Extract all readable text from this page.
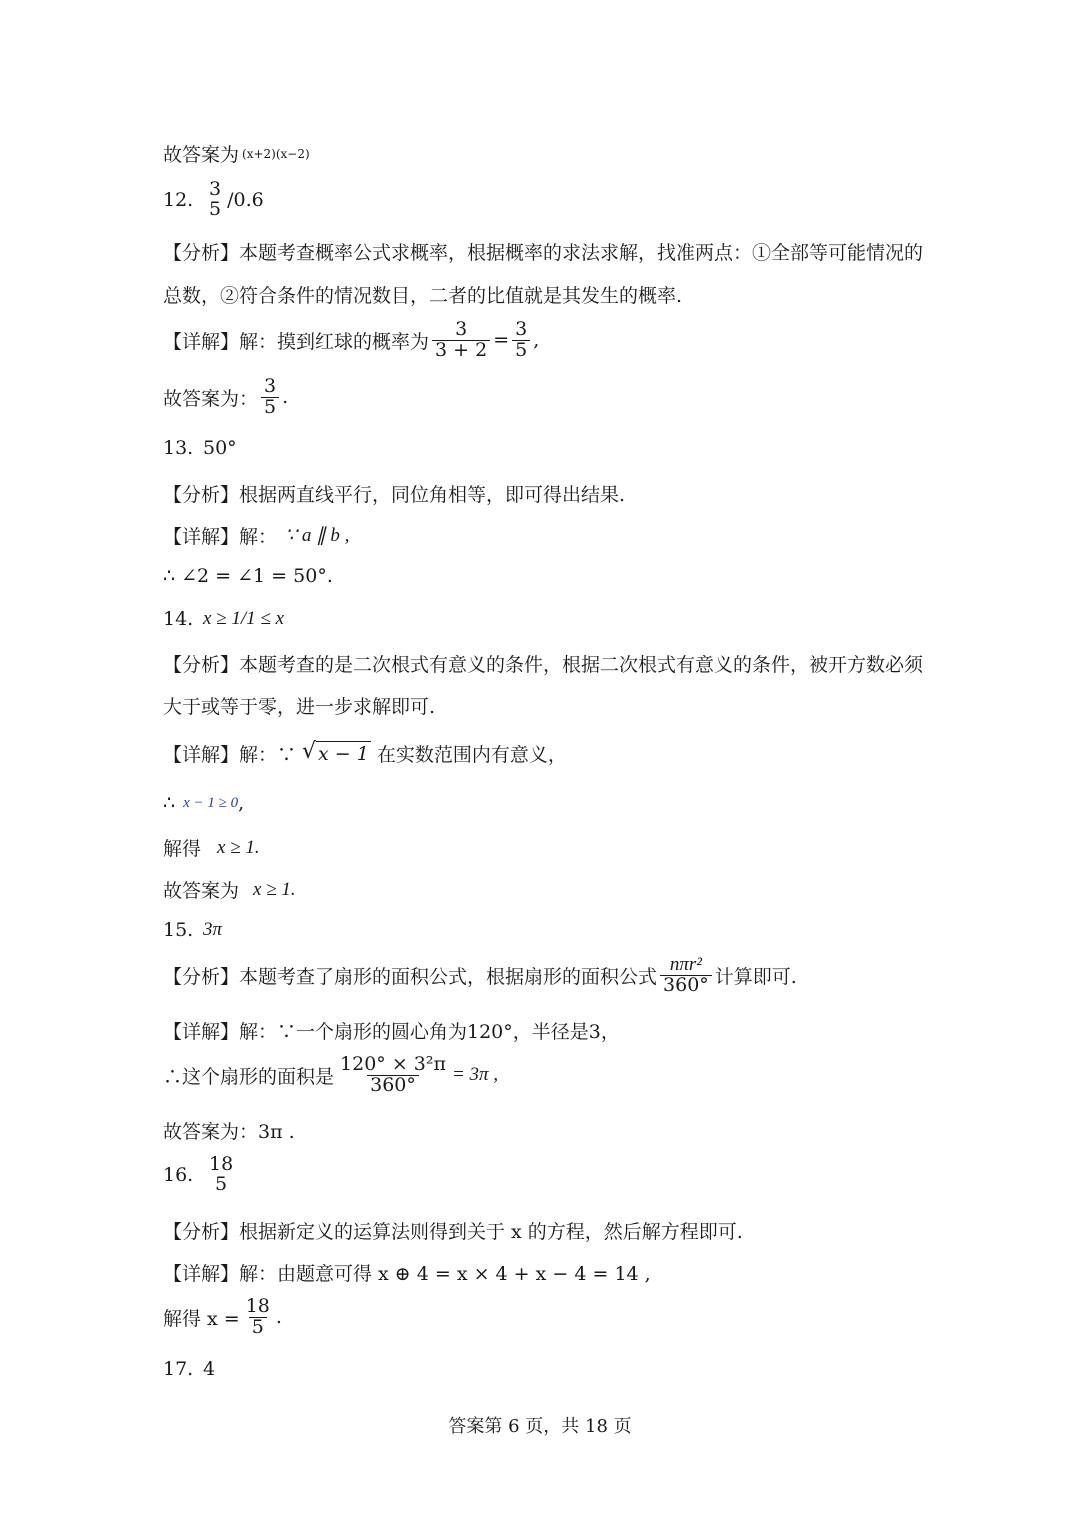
故答案为 (x+2)(x−2)
12. 3
5 /0.6
【分析】本题考查概率公式求概率，根据概率的求法求解，找准两点：①全部等可能情况的
总数，②符合条件的情况数目，二者的比值就是其发生的概率.
【详解】解：摸到红球的概率为 $\frac{3}{3 + 2} = \frac{3}{5}$ ,
故答案为： $\frac{3}{5}$ .
13. 50°
【分析】根据两直线平行，同位角相等，即可得出结果.
【详解】解： ∵ a ∥ b ,
∴ ∠2 = ∠1 = 50°.
14. x ≥ 1/1 ≤ x
【分析】本题考查的是二次根式有意义的条件，根据二次根式有意义的条件，被开方数必须
大于或等于零，进一步求解即可.
【详解】解：∵ √ x − 1 在实数范围内有意义，
∴ x − 1 ≥ 0 ,
解得 x ≥ 1.
故答案为 x ≥ 1.
15. 3π
【分析】本题考查了扇形的面积公式，根据扇形的面积公式 $\frac{\text{nπr²}}{360^\circ}$ 计算即可.
【详解】解：∵一个扇形的圆心角为120°，半径是3，
∴这个扇形的面积是 $\frac{\text{120° × 3²π}}{360^\circ} = 3\pi$ ,
故答案为：3π .
16. 18
5
【分析】根据新定义的运算法则得到关于 x 的方程，然后解方程即可.
【详解】解：由题意可得 x ⊕ 4 = x × 4 + x − 4 = 14 ,
解得 $x = \frac{18}{5}$ .
17. 4
答案第 6 页，共 18 页
